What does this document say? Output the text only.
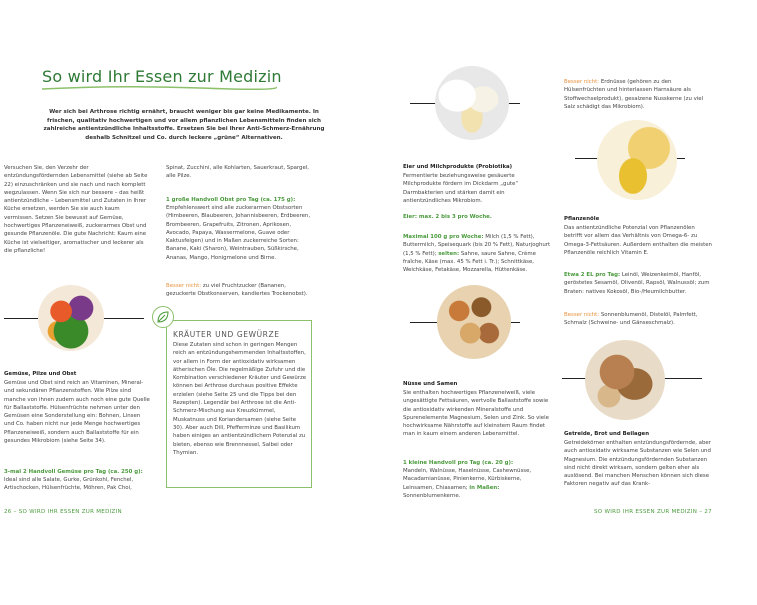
So wird Ihr Essen zur Medizin
Wer sich bei Arthrose richtig ernährt, braucht weniger bis gar keine Medikamente. In frischen, qualitativ hochwertigen und vor allem pflanzlichen Lebensmitteln finden sich zahlreiche antientzündliche Inhaltsstoffe. Ersetzen Sie bei Ihrer Anti-Schmerz-Ernährung deshalb Schnitzel und Co. durch leckere „grüne“ Alternativen.
Versuchen Sie, den Verzehr der entzündungsfördernden Lebensmittel (siehe ab Seite 22) einzuschränken und sie nach und nach komplett wegzulassen. Wenn Sie sich nur bessere – das heißt antientzündliche – Lebensmittel und Zutaten in Ihrer Küche ersetzen, werden Sie sie auch kaum vermissen. Setzen Sie bewusst auf Gemüse, hochwertiges Pflanzeneiweiß, zuckerarmes Obst und gesunde Pflanzenöle. Die gute Nachricht: Kaum eine Küche ist vielseitiger, aromatischer und leckerer als die pflanzliche!
Gemüse, Pilze und Obst
Gemüse und Obst sind reich an Vitaminen, Mineral- und sekundären Pflanzenstoffen. Wie Pilze sind manche von ihnen zudem auch noch eine gute Quelle für Ballaststoffe. Hülsenfrüchte nehmen unter den Gemüsen eine Sonderstellung ein: Bohnen, Linsen und Co. haben nicht nur jede Menge hochwertiges Pflanzeneiweiß, sondern auch Ballaststoffe für ein gesundes Mikrobiom (siehe Seite 34).
3-mal 2 Handvoll Gemüse pro Tag (ca. 250 g):
Ideal sind alle Salate, Gurke, Grünkohl, Fenchel, Artischocken, Hülsenfrüchte, Möhren, Pak Choi,
Spinat, Zucchini, alle Kohlarten, Sauerkraut, Spargel, alle Pilze.
1 große Handvoll Obst pro Tag (ca. 175 g):
Empfehlenswert sind alle zuckerarmen Obstsorten (Himbeeren, Blaubeeren, Johannisbeeren, Erdbeeren, Brombeeren, Grapefruits, Zitronen, Aprikosen, Avocado, Papaya, Wassermelone, Guave oder Kaktusfeigen) und in Maßen zuckerreiche Sorten: Banane, Kaki (Sharon), Weintrauben, Süßkirsche, Ananas, Mango, Honigmelone und Birne.
Besser nicht: zu viel Fruchtzucker (Bananen, gezuckerte Obstkonserven, kandiertes Trockenobst).
KRÄUTER UND GEWÜRZE
Diese Zutaten sind schon in geringen Mengen reich an entzündungshemmenden Inhaltsstoffen, vor allem in Form der antioxidativ wirksamen ätherischen Öle. Die regelmäßige Zufuhr und die Kombination verschiedener Kräuter und Gewürze können bei Arthrose durchaus positive Effekte erzielen (siehe Seite 25 und die Tipps bei den Rezepten). Legendär bei Arthrose ist die Anti-Schmerz-Mischung aus Kreuzkümmel, Muskatnuss und Koriandersamen (siehe Seite 30). Aber auch Dill, Pfefferminze und Basilikum haben einiges an antientzündlichem Potenzial zu bieten, ebenso wie Brennnessel, Salbei oder Thymian.
Eier und Milchprodukte (Probiotika)
Fermentierte beziehungsweise gesäuerte Milchprodukte fördern im Dickdarm „gute“ Darmbakterien und stärken damit ein antientzündliches Mikrobiom.
Eier: max. 2 bis 3 pro Woche.
Maximal 100 g pro Woche: Milch (1,5 % Fett), Buttermilch, Speisequark (bis 20 % Fett), Naturjoghurt (1,5 % Fett); selten: Sahne, saure Sahne, Crème fraîche, Käse (max. 45 % Fett i. Tr.); Schnittkäse, Weichkäse, Fetakäse, Mozzarella, Hüttenkäse.
Nüsse und Samen
Sie enthalten hochwertiges Pflanzeneiweiß, viele ungesättigte Fettsäuren, wertvolle Ballaststoffe sowie die antioxidativ wirkenden Mineralstoffe und Spurenelemente Magnesium, Selen und Zink. So viele hochwirksame Nährstoffe auf kleinstem Raum findet man in kaum einem anderen Lebensmittel.
1 kleine Handvoll pro Tag (ca. 20 g):
Mandeln, Walnüsse, Haselnüsse, Cashewnüsse, Macadamianüsse, Pinienkerne, Kürbiskerne, Leinsamen, Chiasamen; in Maßen: Sonnenblumenkerne.
Besser nicht: Erdnüsse (gehören zu den Hülsenfrüchten und hinterlassen Harnsäure als Stoffwechselprodukt), gesalzene Nusskerne (zu viel Salz schädigt das Mikrobiom).
Pflanzenöle
Das antientzündliche Potenzial von Pflanzenölen betrifft vor allem das Verhältnis von Omega-6- zu Omega-3-Fettsäuren. Außerdem enthalten die meisten Pflanzenöle reichlich Vitamin E.
Etwa 2 EL pro Tag: Leinöl, Weizenkeimöl, Hanföl, geröstetes Sesamöl, Olivenöl, Rapsöl, Walnussöl; zum Braten: natives Kokosöl, Bio-/Heumilchbutter.
Besser nicht: Sonnenblumenöl, Distelöl, Palmfett, Schmalz (Schweine- und Gänseschmalz).
Getreide, Brot und Beilagen
Getreidekörner enthalten entzündungsfördernde, aber auch antioxidativ wirksame Substanzen wie Selen und Magnesium. Die entzündungsfördernden Substanzen sind nicht direkt wirksam, sondern gelten eher als auslösend. Bei manchen Menschen können sich diese Faktoren negativ auf das Krank-
26 – SO WIRD IHR ESSEN ZUR MEDIZIN	SO WIRD IHR ESSEN ZUR MEDIZIN – 27
